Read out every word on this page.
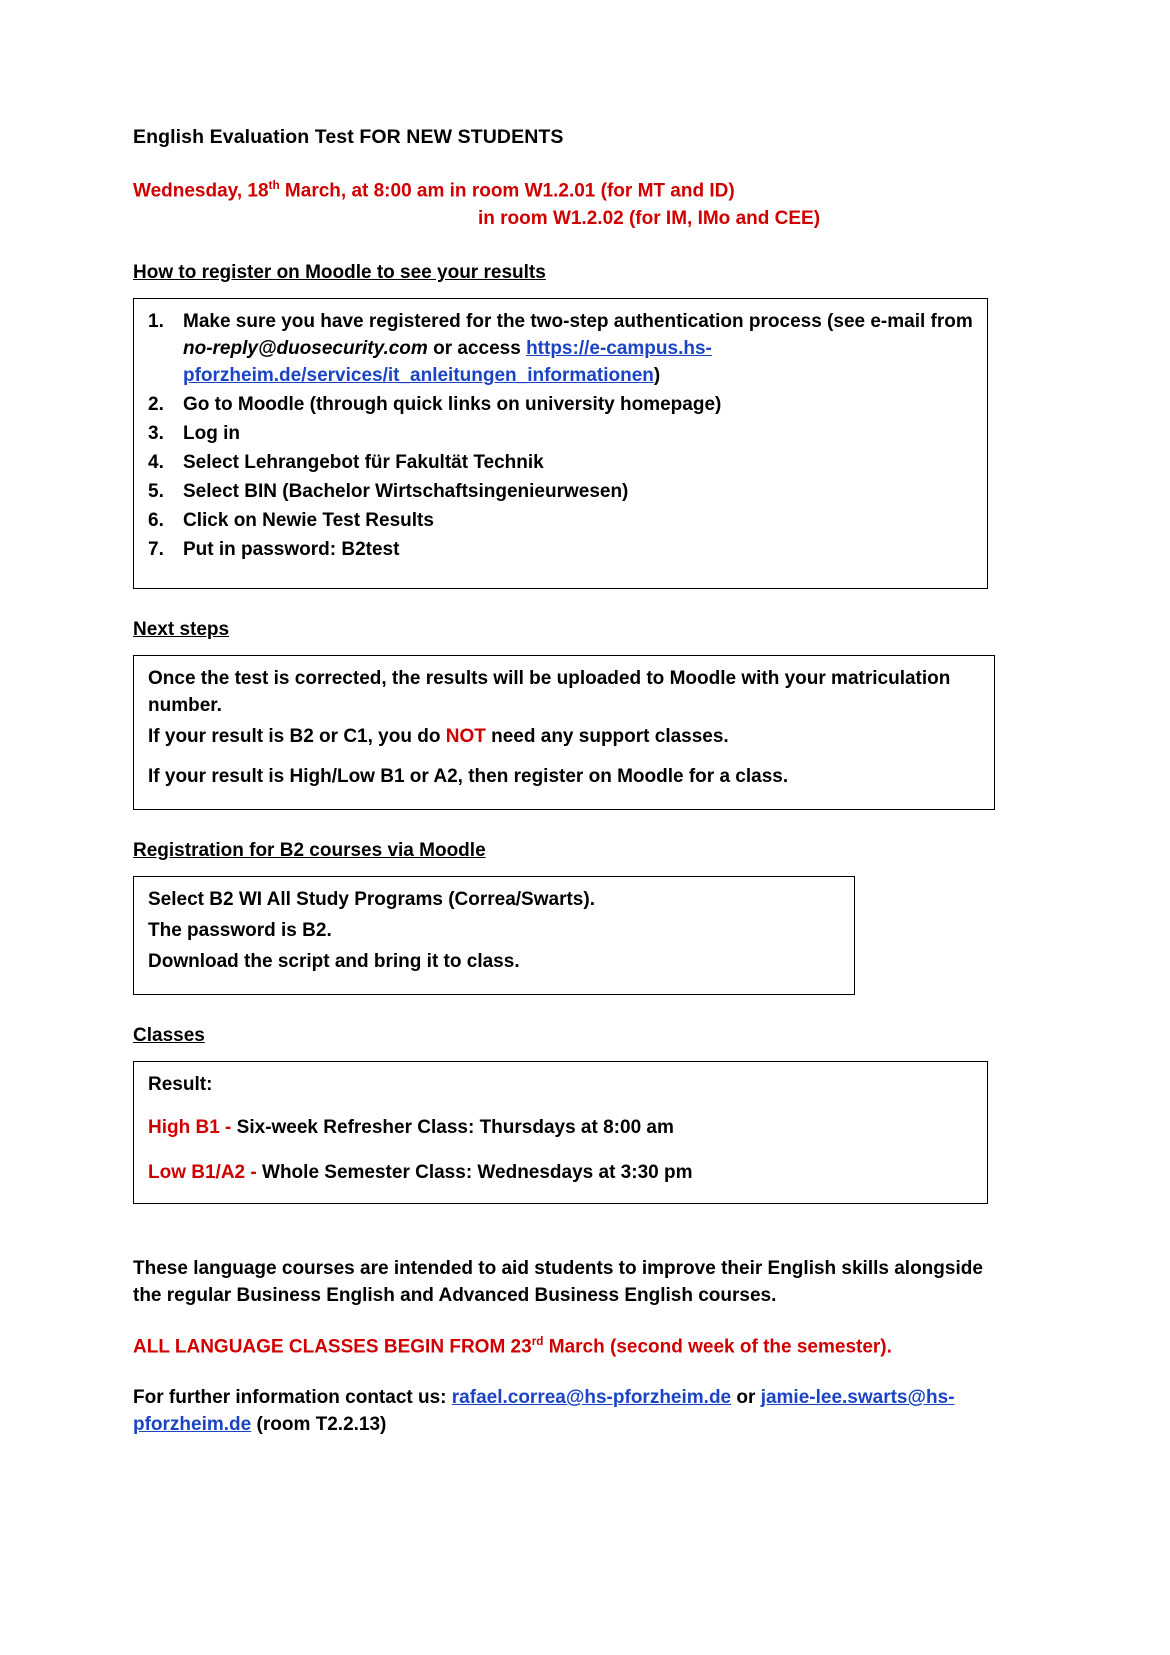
English Evaluation Test FOR NEW STUDENTS
Wednesday, 18th March, at 8:00 am in room W1.2.01 (for MT and ID)
in room W1.2.02 (for IM, IMo and CEE)
How to register on Moodle to see your results
1.	Make sure you have registered for the two-step authentication process (see e-mail from no-reply@duosecurity.com or access https://e-campus.hs-pforzheim.de/services/it_anleitungen_informationen)
2.	Go to Moodle (through quick links on university homepage)
3.	Log in
4.	Select Lehrangebot für Fakultät Technik
5.	Select BIN (Bachelor Wirtschaftsingenieurwesen)
6.	Click on Newie Test Results
7.	Put in password: B2test
Next steps
Once the test is corrected, the results will be uploaded to Moodle with your matriculation number.
If your result is B2 or C1, you do NOT need any support classes.
If your result is High/Low B1 or A2, then register on Moodle for a class.
Registration for B2 courses via Moodle
Select B2 WI All Study Programs (Correa/Swarts).
The password is B2.
Download the script and bring it to class.
Classes
Result:
High B1 - Six-week Refresher Class: Thursdays at 8:00 am
Low B1/A2 - Whole Semester Class: Wednesdays at 3:30 pm
These language courses are intended to aid students to improve their English skills alongside the regular Business English and Advanced Business English courses.
ALL LANGUAGE CLASSES BEGIN FROM 23rd March (second week of the semester).
For further information contact us: rafael.correa@hs-pforzheim.de or jamie-lee.swarts@hs-pforzheim.de (room T2.2.13)
